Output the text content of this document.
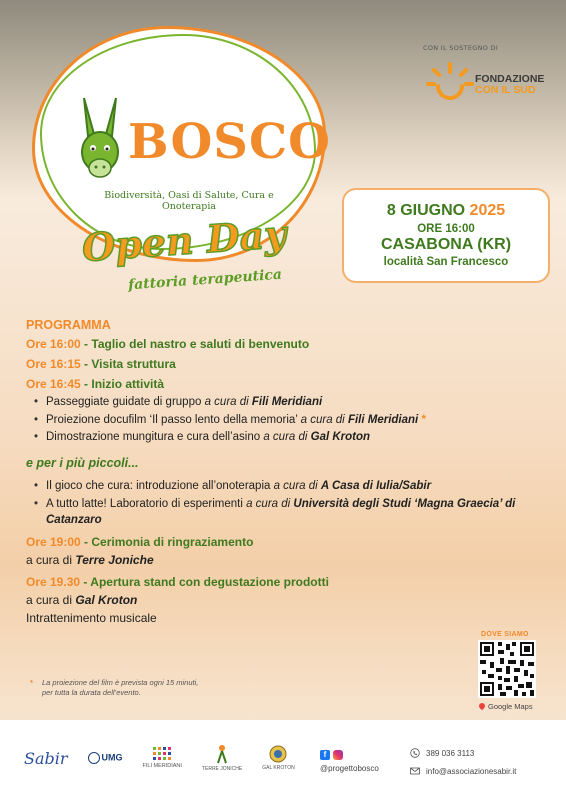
BOSCO
Biodiversità, Oasi di Salute, Cura e Onoterapia
Open Day
fattoria terapeutica
CON IL SOSTEGNO DI
FONDAZIONE
CON IL SUD
8 GIUGNO 2025
ORE 16:00
CASABONA (KR)
località San Francesco
PROGRAMMA
Ore 16:00 - Taglio del nastro e saluti di benvenuto
Ore 16:15 - Visita struttura
Ore 16:45 - Inizio attività
• Passeggiate guidate di gruppo a cura di Fili Meridiani
• Proiezione docufilm ‘Il passo lento della memoria’ a cura di Fili Meridiani *
• Dimostrazione mungitura e cura dell’asino a cura di Gal Kroton
e per i più piccoli...
• Il gioco che cura: introduzione all’onoterapia a cura di A Casa di Iulia/Sabir
• A tutto latte! Laboratorio di esperimenti a cura di Università degli Studi ‘Magna Graecia’ di Catanzaro
Ore 19:00 - Cerimonia di ringraziamento
a cura di Terre Joniche
Ore 19.30 - Apertura stand con degustazione prodotti
a cura di Gal Kroton
Intrattenimento musicale
* La proiezione del film è prevista ogni 15 minuti,
per tutta la durata dell’evento.
DOVE SIAMO
Google Maps
Sabir	UMG
FILI MERIDIANI	TERRE JONICHE	GAL KROTON
f
@progettobosco
389 036 3113
info@associazionesabir.it
